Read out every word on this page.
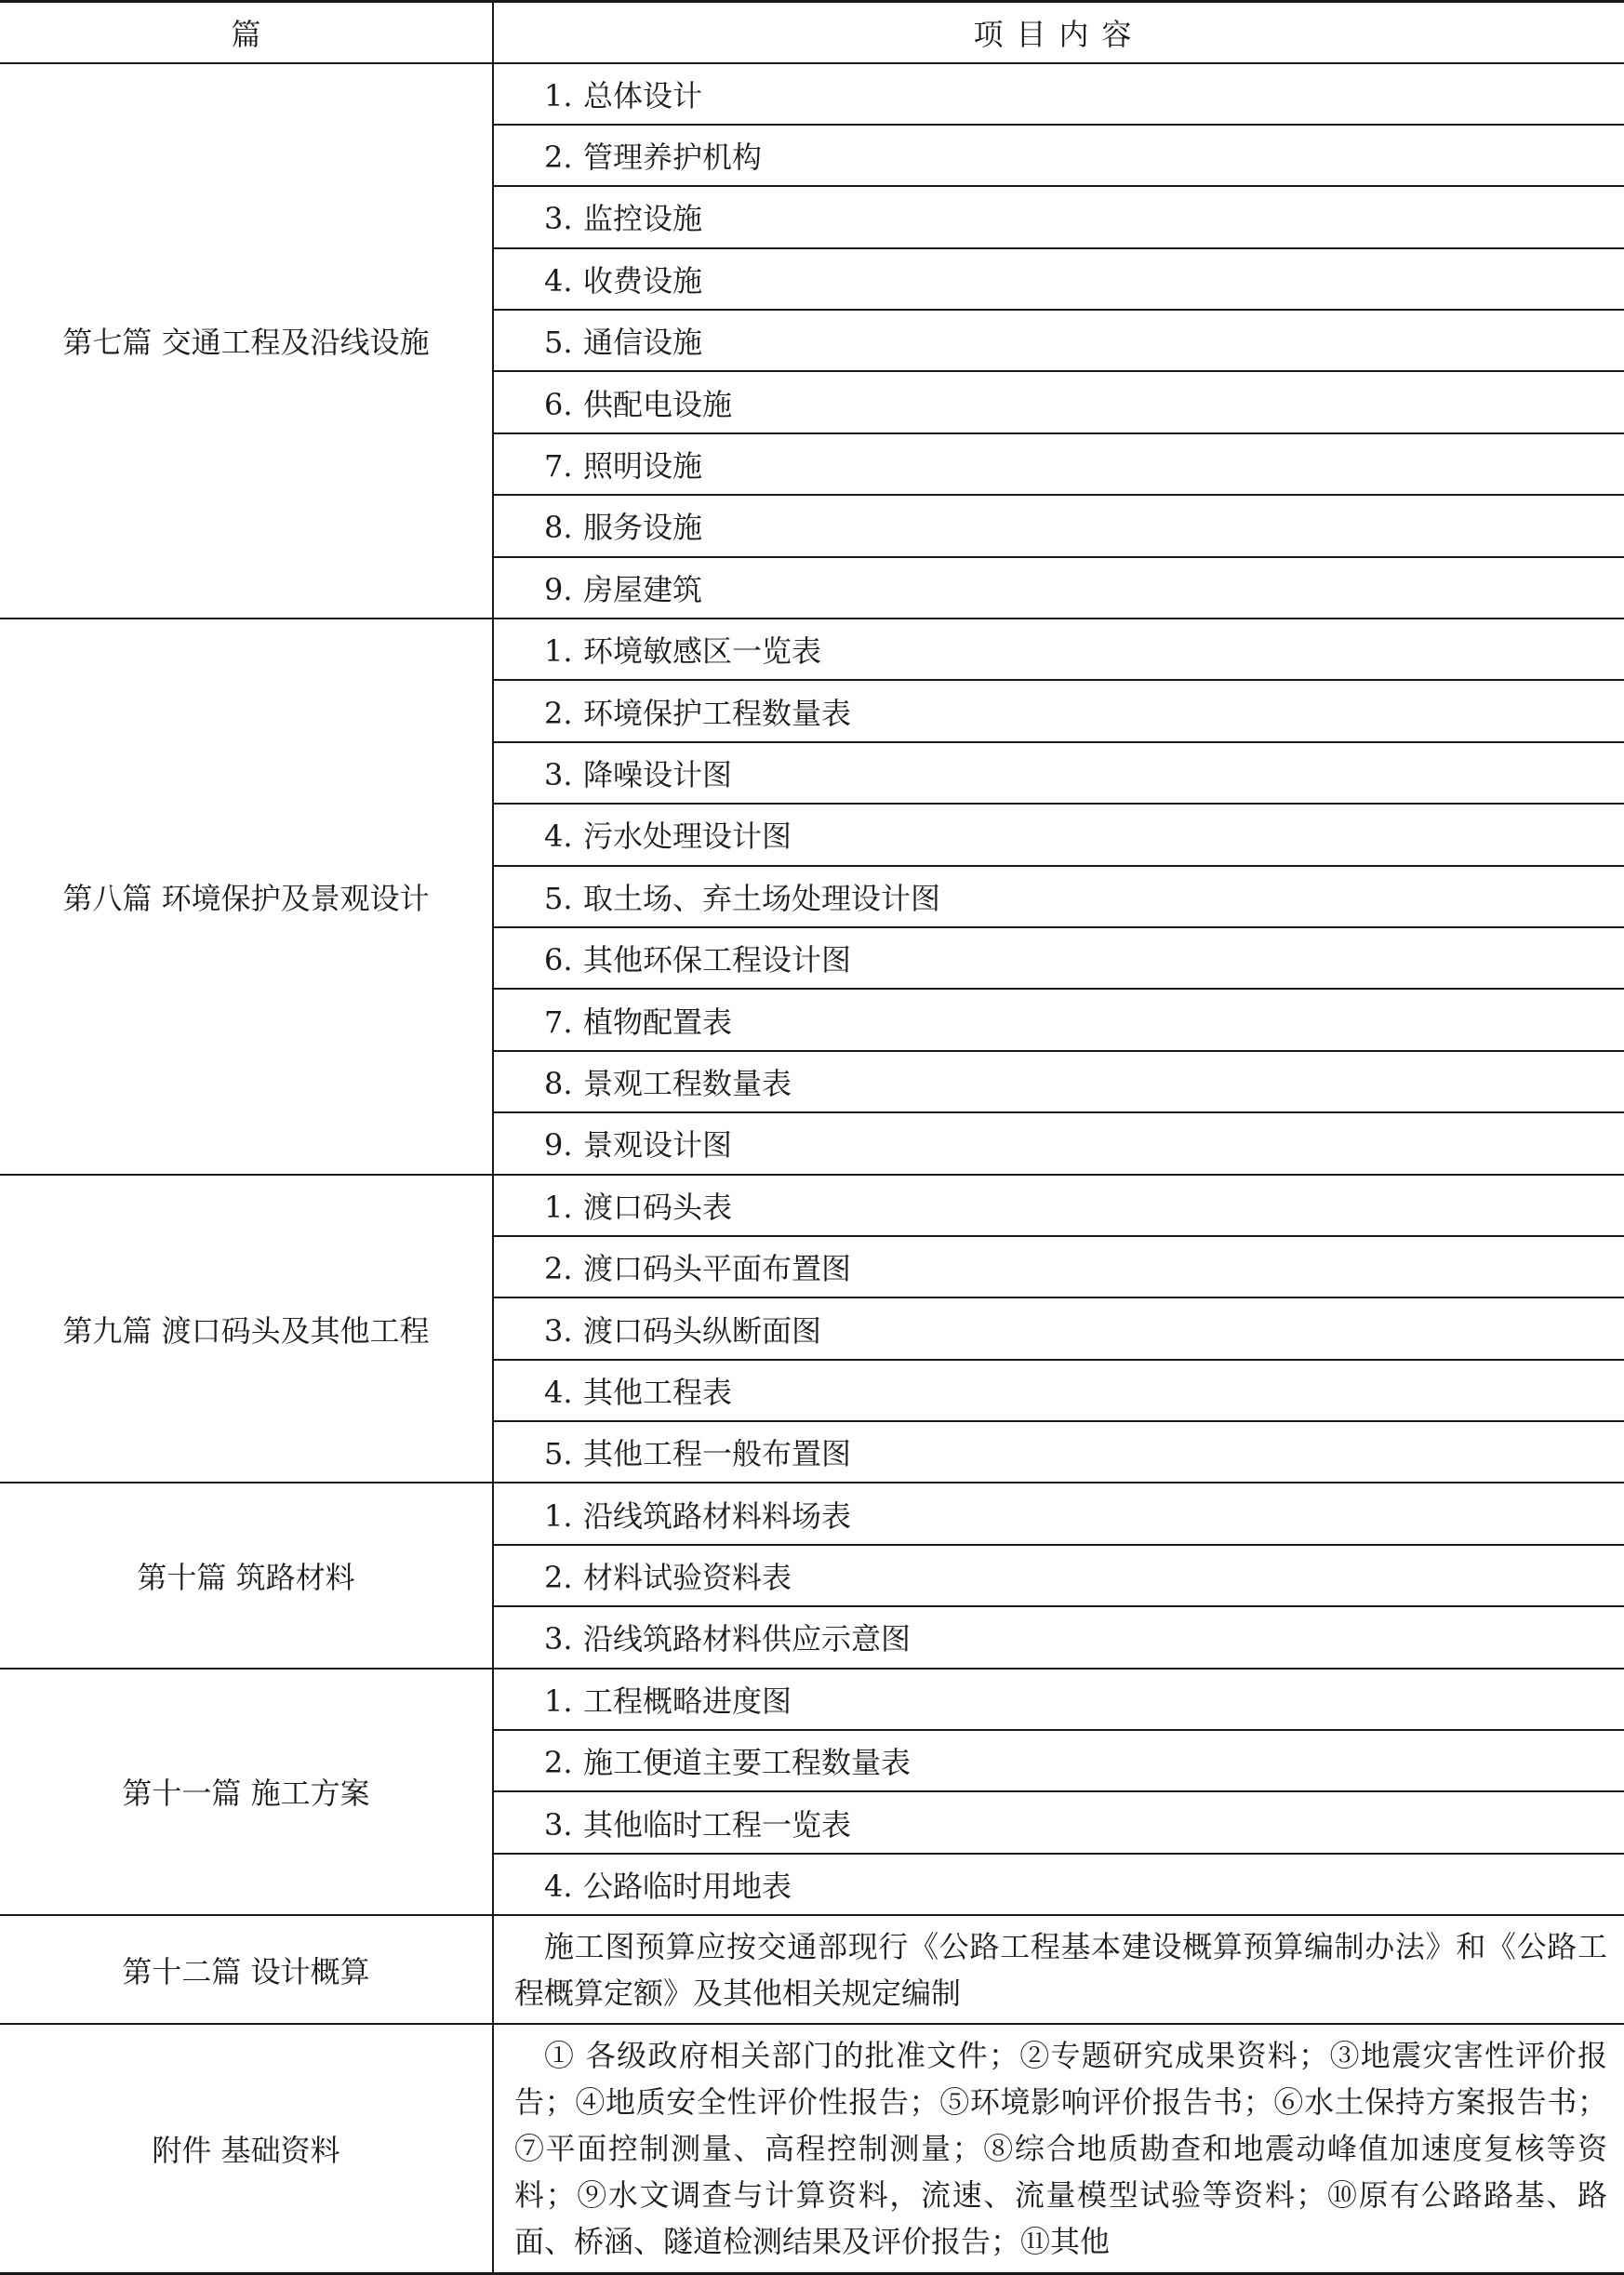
篇	项目内容
第七篇 交通工程及沿线设施	1. 总体设计
	2. 管理养护机构
	3. 监控设施
	4. 收费设施
	5. 通信设施
	6. 供配电设施
	7. 照明设施
	8. 服务设施
	9. 房屋建筑
第八篇 环境保护及景观设计	1. 环境敏感区一览表
	2. 环境保护工程数量表
	3. 降噪设计图
	4. 污水处理设计图
	5. 取土场、弃土场处理设计图
	6. 其他环保工程设计图
	7. 植物配置表
	8. 景观工程数量表
	9. 景观设计图
第九篇 渡口码头及其他工程	1. 渡口码头表
	2. 渡口码头平面布置图
	3. 渡口码头纵断面图
	4. 其他工程表
	5. 其他工程一般布置图
第十篇 筑路材料	1. 沿线筑路材料料场表
	2. 材料试验资料表
	3. 沿线筑路材料供应示意图
第十一篇 施工方案	1. 工程概略进度图
	2. 施工便道主要工程数量表
	3. 其他临时工程一览表
	4. 公路临时用地表
第十二篇 设计概算	施工图预算应按交通部现行《公路工程基本建设概算预算编制办法》和《公路工程概算定额》及其他相关规定编制
附件 基础资料	① 各级政府相关部门的批准文件；②专题研究成果资料；③地震灾害性评价报告；④地质安全性评价性报告；⑤环境影响评价报告书；⑥水土保持方案报告书；⑦平面控制测量、高程控制测量；⑧综合地质勘查和地震动峰值加速度复核等资料；⑨水文调查与计算资料，流速、流量模型试验等资料；⑩原有公路路基、路面、桥涵、隧道检测结果及评价报告；⑪其他
